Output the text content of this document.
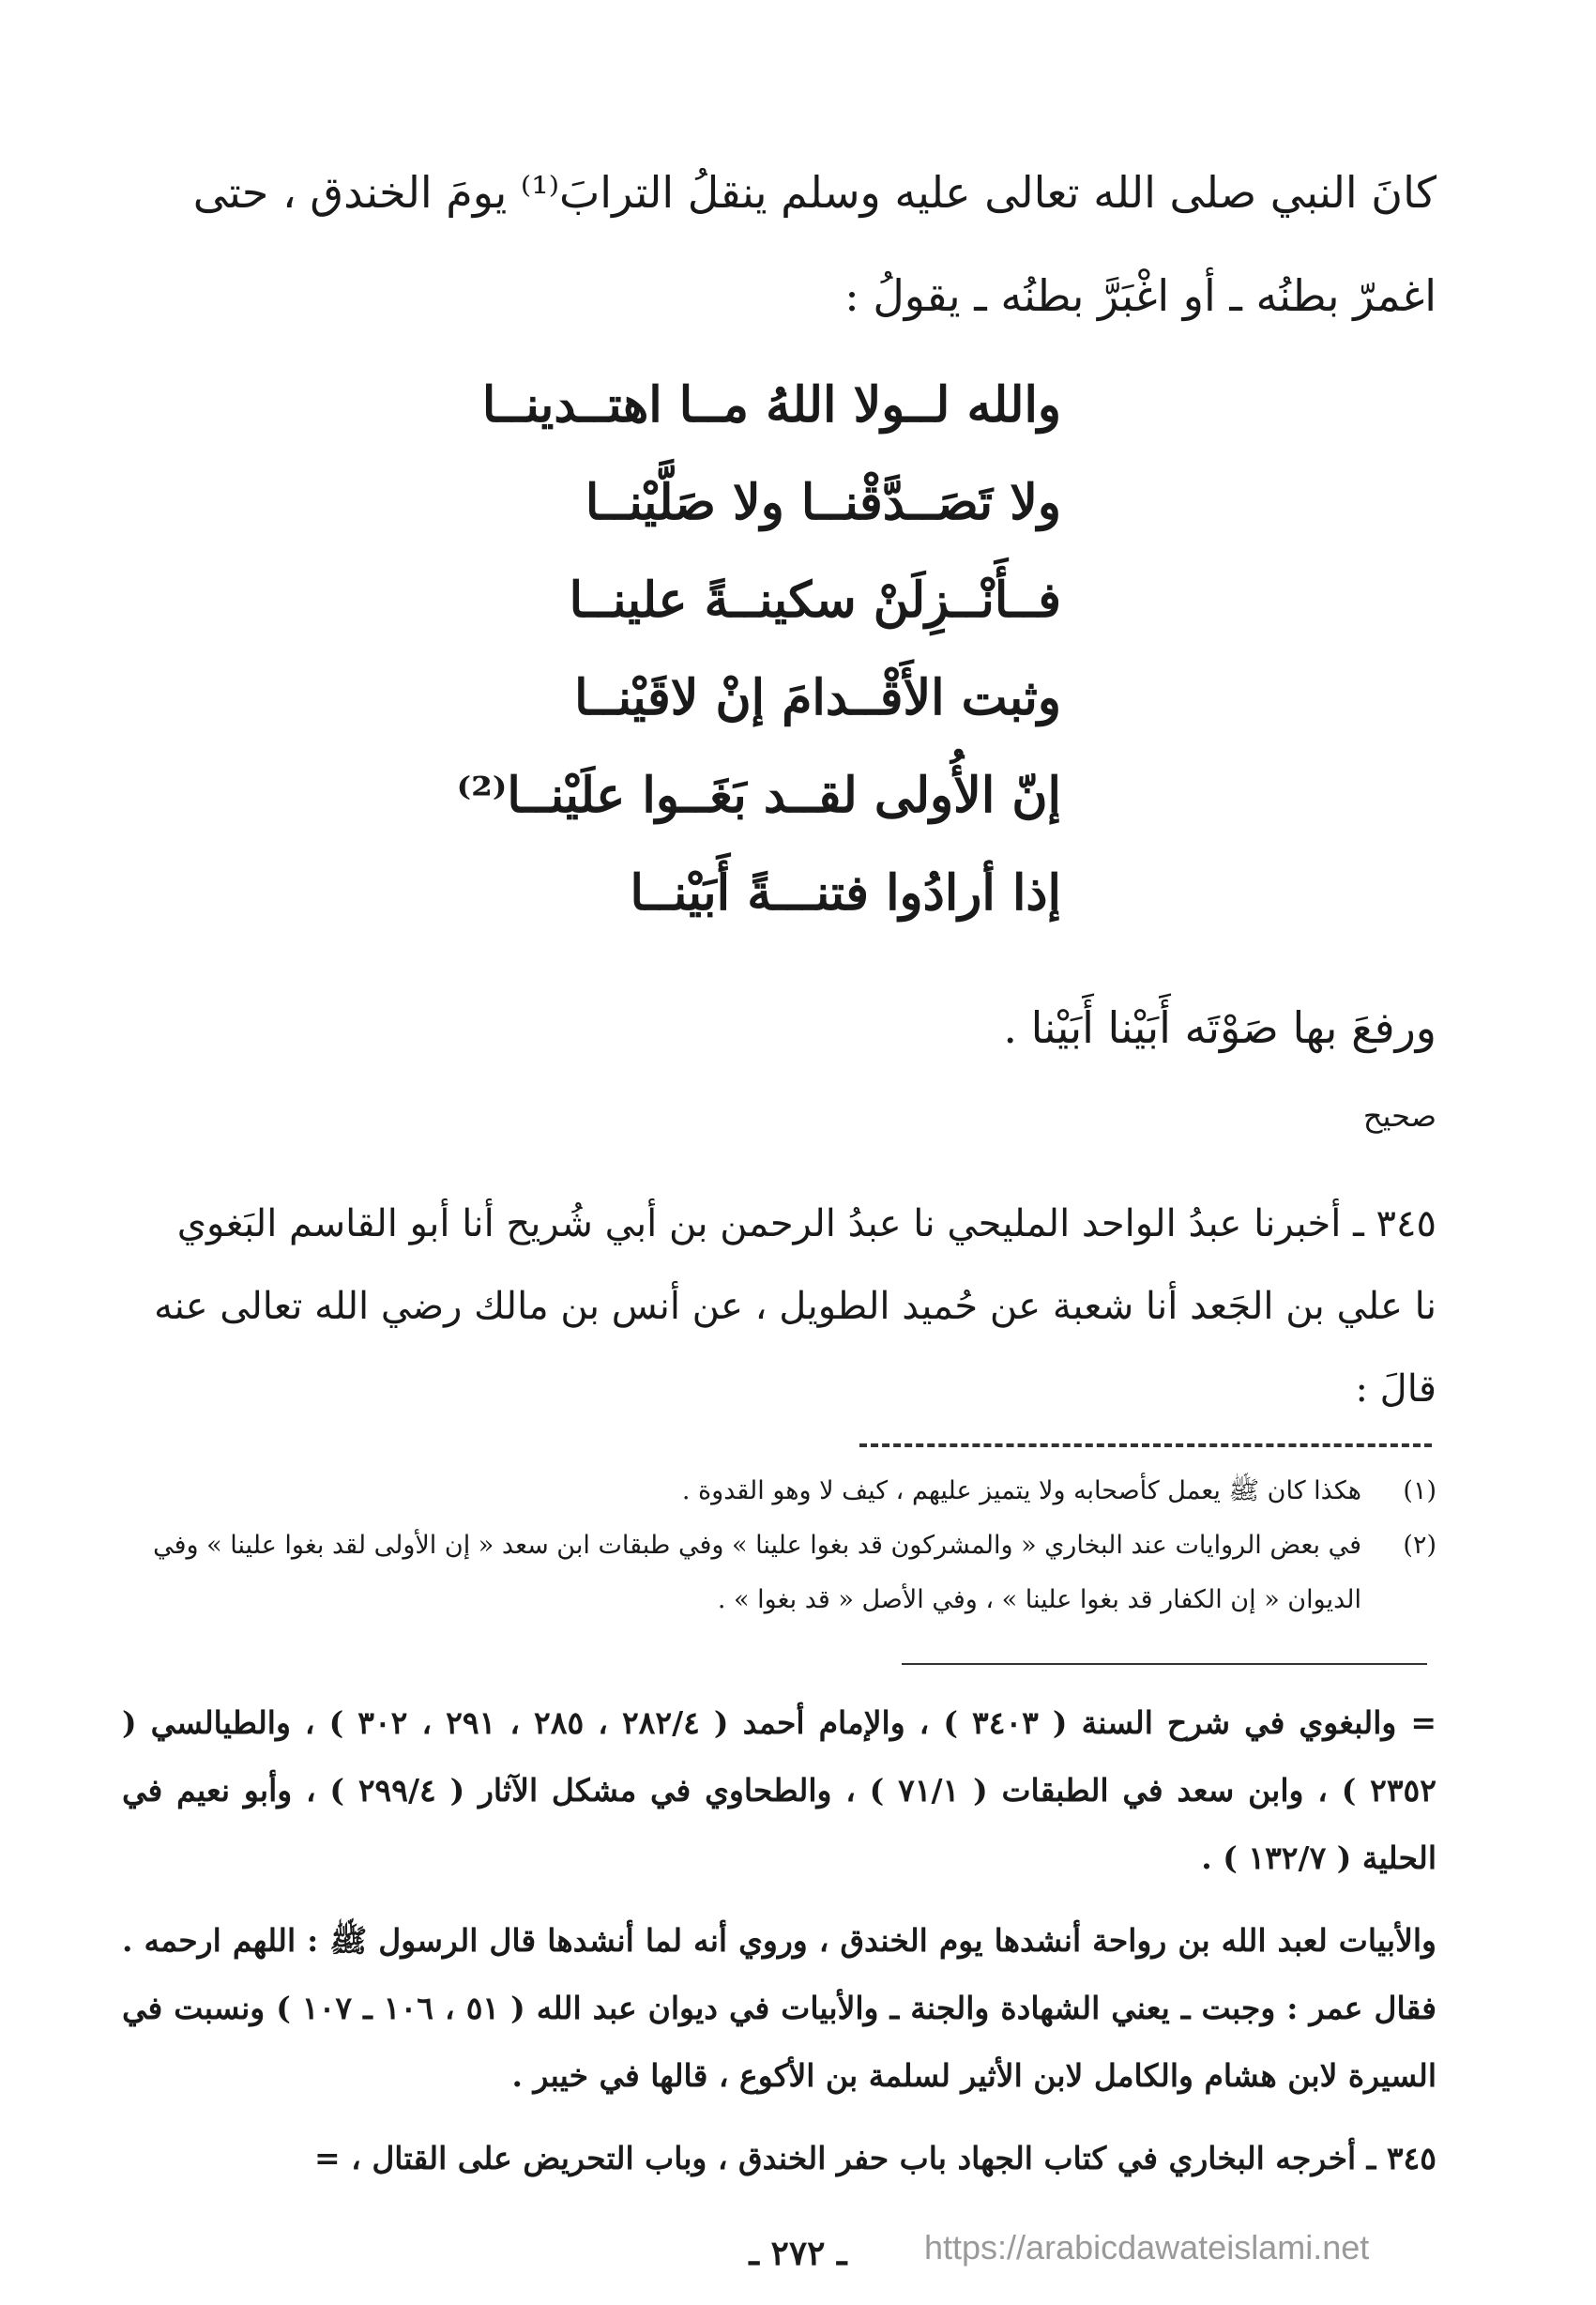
كانَ النبي صلى الله تعالى عليه وسلم ينقلُ الترابَ⁽¹⁾ يومَ الخندق ، حتى

اغمرّ بطنُه ـ أو اغْبَرَّ بطنُه ـ يقولُ :

والله لــولا اللهُ مــا اهتــدينــا
ولا تَصَــدَّقْنــا ولا صَلَّيْنــا
فــأَنْــزِلَنْ سكينــةً علينــا
وثبت الأَقْــدامَ إنْ لاقَيْنــا
إنّ الأُولى لقــد بَغَــوا علَيْنــا⁽²⁾
إذا أرادُوا فتنـــةً أَبَيْنــا
ورفعَ بها صَوْتَه أَبَيْنا أَبَيْنا .
صحيح

٣٤٥ ـ أخبرنا عبدُ الواحد المليحي نا عبدُ الرحمن بن أبي شُريح أنا أبو القاسم البَغوي

نا علي بن الجَعد أنا شعبة عن حُميد الطويل ، عن أنس بن مالك رضي الله تعالى عنه

قالَ :

(١)
هكذا كان ﷺ يعمل كأصحابه ولا يتميز عليهم ، كيف لا وهو القدوة .
(٢)
في بعض الروايات عند البخاري « والمشركون قد بغوا علينا » وفي طبقات ابن سعد « إن الأولى لقد بغوا علينا » وفي الديوان « إن الكفار قد بغوا علينا » ، وفي الأصل « قد بغوا » .

= والبغوي في شرح السنة ( ٣٤٠٣ ) ، والإمام أحمد ( ٢٨٢/٤ ، ٢٨٥ ، ٢٩١ ، ٣٠٢ ) ، والطيالسي ( ٢٣٥٢ ) ، وابن سعد في الطبقات ( ٧١/١ ) ، والطحاوي في مشكل الآثار ( ٢٩٩/٤ ) ، وأبو نعيم في الحلية ( ١٣٢/٧ ) .

والأبيات لعبد الله بن رواحة أنشدها يوم الخندق ، وروي أنه لما أنشدها قال الرسول ﷺ : اللهم ارحمه . فقال عمر : وجبت ـ يعني الشهادة والجنة ـ والأبيات في ديوان عبد الله ( ٥١ ، ١٠٦ ـ ١٠٧ ) ونسبت في السيرة لابن هشام والكامل لابن الأثير لسلمة بن الأكوع ، قالها في خيبر .

٣٤٥ ـ أخرجه البخاري في كتاب الجهاد باب حفر الخندق ، وباب التحريض على القتال ، =

ـ ٢٧٢ ـ	https://arabicdawateislami.net
